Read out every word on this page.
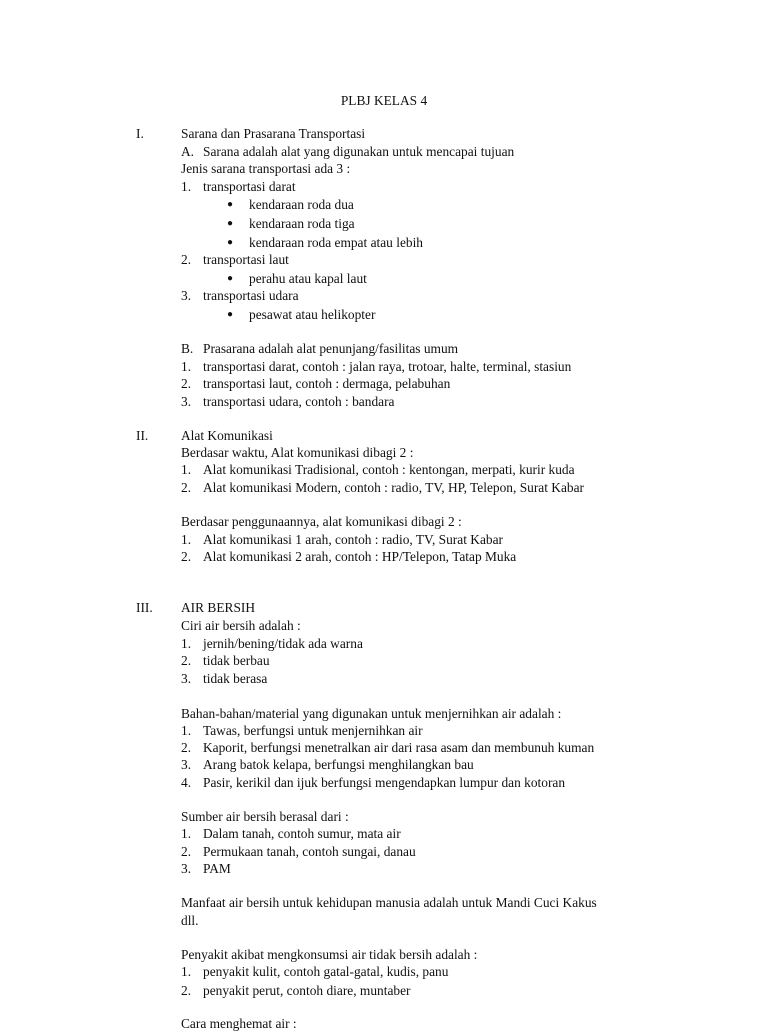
PLBJ KELAS 4
I.	Sarana dan Prasarana Transportasi
A. Sarana adalah alat yang digunakan untuk mencapai tujuan
Jenis sarana transportasi ada 3 :
1. transportasi darat
● kendaraan roda dua
● kendaraan roda tiga
● kendaraan roda empat atau lebih
2. transportasi laut
● perahu atau kapal laut
3. transportasi udara
● pesawat atau helikopter
B. Prasarana adalah alat penunjang/fasilitas umum
1. transportasi darat, contoh : jalan raya, trotoar, halte, terminal, stasiun
2. transportasi laut, contoh : dermaga, pelabuhan
3. transportasi udara, contoh : bandara
II. Alat Komunikasi
Berdasar waktu, Alat komunikasi dibagi 2 :
1. Alat komunikasi Tradisional, contoh : kentongan, merpati, kurir kuda
2. Alat komunikasi Modern, contoh : radio, TV, HP, Telepon, Surat Kabar
Berdasar penggunaannya, alat komunikasi dibagi 2 :
1. Alat komunikasi 1 arah, contoh : radio, TV, Surat Kabar
2. Alat komunikasi 2 arah, contoh : HP/Telepon, Tatap Muka
III. AIR BERSIH
Ciri air bersih adalah :
1. jernih/bening/tidak ada warna
2. tidak berbau
3. tidak berasa
Bahan-bahan/material yang digunakan untuk menjernihkan air adalah :
1. Tawas, berfungsi untuk menjernihkan air
2. Kaporit, berfungsi menetralkan air dari rasa asam dan membunuh kuman
3. Arang batok kelapa, berfungsi menghilangkan bau
4. Pasir, kerikil dan ijuk berfungsi mengendapkan lumpur dan kotoran
Sumber air bersih berasal dari :
1. Dalam tanah, contoh sumur, mata air
2. Permukaan tanah, contoh sungai, danau
3. PAM
Manfaat air bersih untuk kehidupan manusia adalah untuk Mandi Cuci Kakus
dll.
Penyakit akibat mengkonsumsi air tidak bersih adalah :
1. penyakit kulit, contoh gatal-gatal, kudis, panu
2. penyakit perut, contoh diare, muntaber
Cara menghemat air :
